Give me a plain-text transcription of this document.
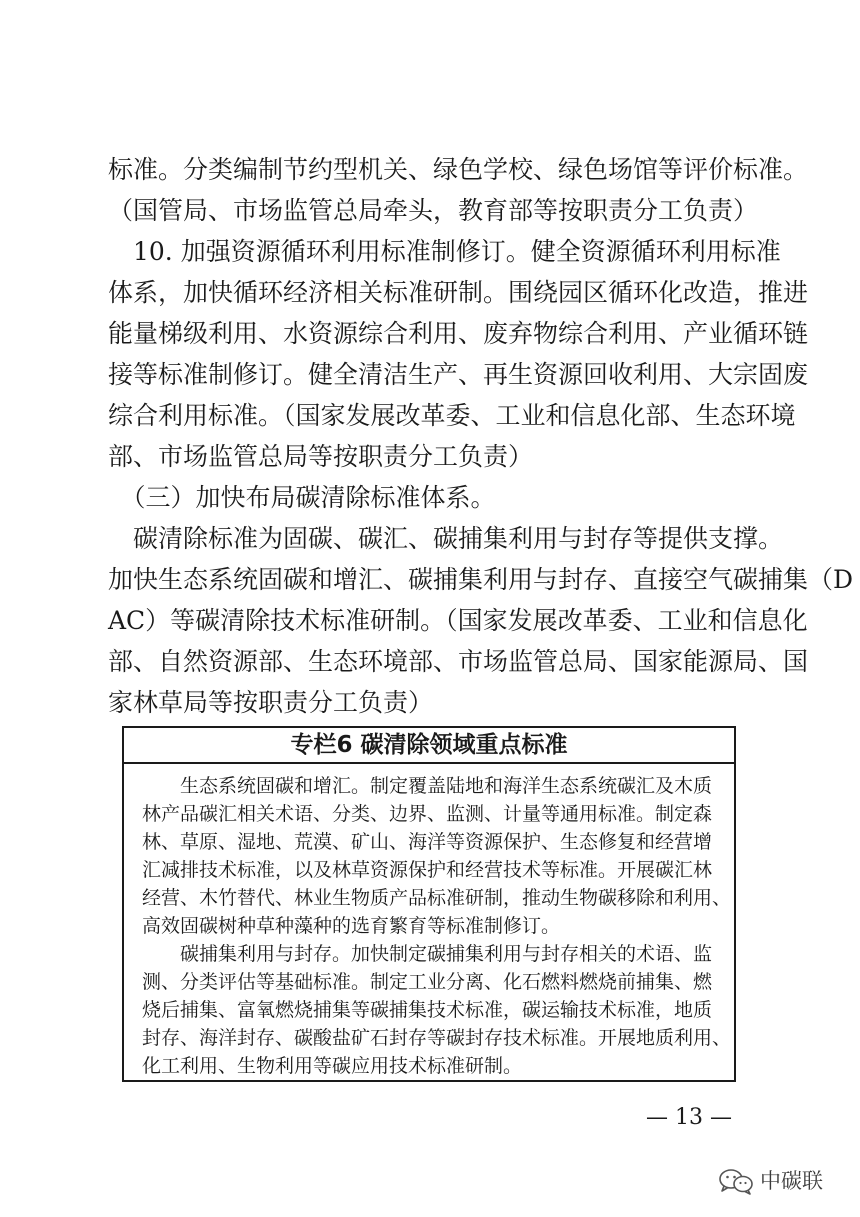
标准。分类编制节约型机关、绿色学校、绿色场馆等评价标准。
（国管局、市场监管总局牵头，教育部等按职责分工负责）
　10. 加强资源循环利用标准制修订。健全资源循环利用标准
体系，加快循环经济相关标准研制。围绕园区循环化改造，推进
能量梯级利用、水资源综合利用、废弃物综合利用、产业循环链
接等标准制修订。健全清洁生产、再生资源回收利用、大宗固废
综合利用标准。（国家发展改革委、工业和信息化部、生态环境
部、市场监管总局等按职责分工负责）
　（三）加快布局碳清除标准体系。
　碳清除标准为固碳、碳汇、碳捕集利用与封存等提供支撑。
加快生态系统固碳和增汇、碳捕集利用与封存、直接空气碳捕集（D
AC）等碳清除技术标准研制。（国家发展改革委、工业和信息化
部、自然资源部、生态环境部、市场监管总局、国家能源局、国
家林草局等按职责分工负责）
专栏6 碳清除领域重点标准
　　生态系统固碳和增汇。制定覆盖陆地和海洋生态系统碳汇及木质
林产品碳汇相关术语、分类、边界、监测、计量等通用标准。制定森
林、草原、湿地、荒漠、矿山、海洋等资源保护、生态修复和经营增
汇减排技术标准，以及林草资源保护和经营技术等标准。开展碳汇林
经营、木竹替代、林业生物质产品标准研制，推动生物碳移除和利用、
高效固碳树种草种藻种的选育繁育等标准制修订。
　　碳捕集利用与封存。加快制定碳捕集利用与封存相关的术语、监
测、分类评估等基础标准。制定工业分离、化石燃料燃烧前捕集、燃
烧后捕集、富氧燃烧捕集等碳捕集技术标准，碳运输技术标准，地质
封存、海洋封存、碳酸盐矿石封存等碳封存技术标准。开展地质利用、
化工利用、生物利用等碳应用技术标准研制。
— 13 —
中碳联
